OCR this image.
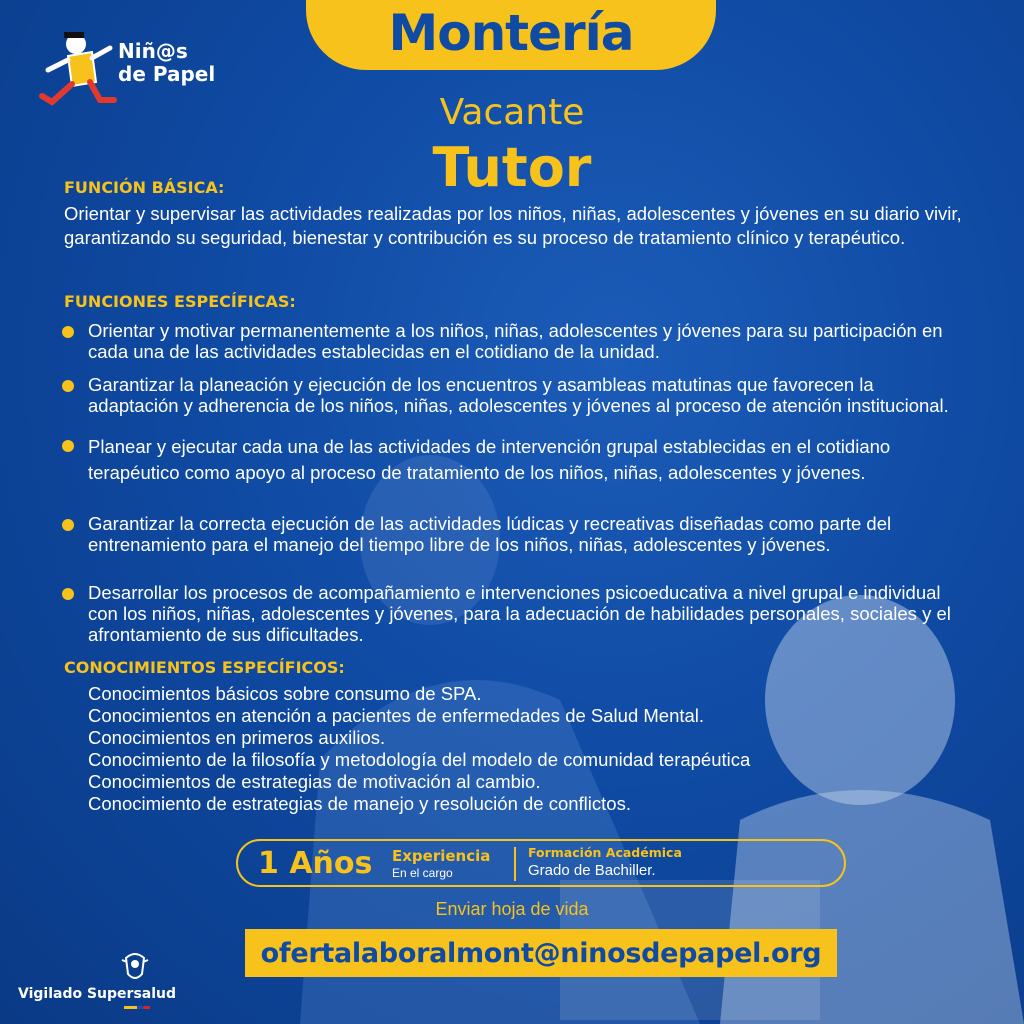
Montería
Niñ@s
de Papel
Vacante
Tutor
FUNCIÓN BÁSICA:
Orientar y supervisar las actividades realizadas por los niños, niñas, adolescentes y jóvenes en su diario vivir, garantizando su seguridad, bienestar y contribución es su proceso de tratamiento clínico y terapéutico.
FUNCIONES ESPECÍFICAS:
Orientar y motivar permanentemente a los niños, niñas, adolescentes y jóvenes para su participación en cada una de las actividades establecidas en el cotidiano de la unidad.
Garantizar la planeación y ejecución de los encuentros y asambleas matutinas que favorecen la adaptación y adherencia de los niños, niñas, adolescentes y jóvenes al proceso de atención institucional.
Planear y ejecutar cada una de las actividades de intervención grupal establecidas en el cotidiano terapéutico como apoyo al proceso de tratamiento de los niños, niñas, adolescentes y jóvenes.
Garantizar la correcta ejecución de las actividades lúdicas y recreativas diseñadas como parte del entrenamiento para el manejo del tiempo libre de los niños, niñas, adolescentes y jóvenes.
Desarrollar los procesos de acompañamiento e intervenciones psicoeducativa a nivel grupal e individual con los niños, niñas, adolescentes y jóvenes, para la adecuación de habilidades personales, sociales y el afrontamiento de sus dificultades.
CONOCIMIENTOS ESPECÍFICOS:
Conocimientos básicos sobre consumo de SPA.
Conocimientos en atención a pacientes de enfermedades de Salud Mental.
Conocimientos en primeros auxilios.
Conocimiento de la filosofía y metodología del modelo de comunidad terapéutica
Conocimientos de estrategias de motivación al cambio.
Conocimiento de estrategias de manejo y resolución de conflictos.
1 Años Experiencia
En el cargo
Formación Académica
Grado de Bachiller.
Enviar hoja de vida
ofertalaboralmont@ninosdepapel.org
Vigilado Supersalud
